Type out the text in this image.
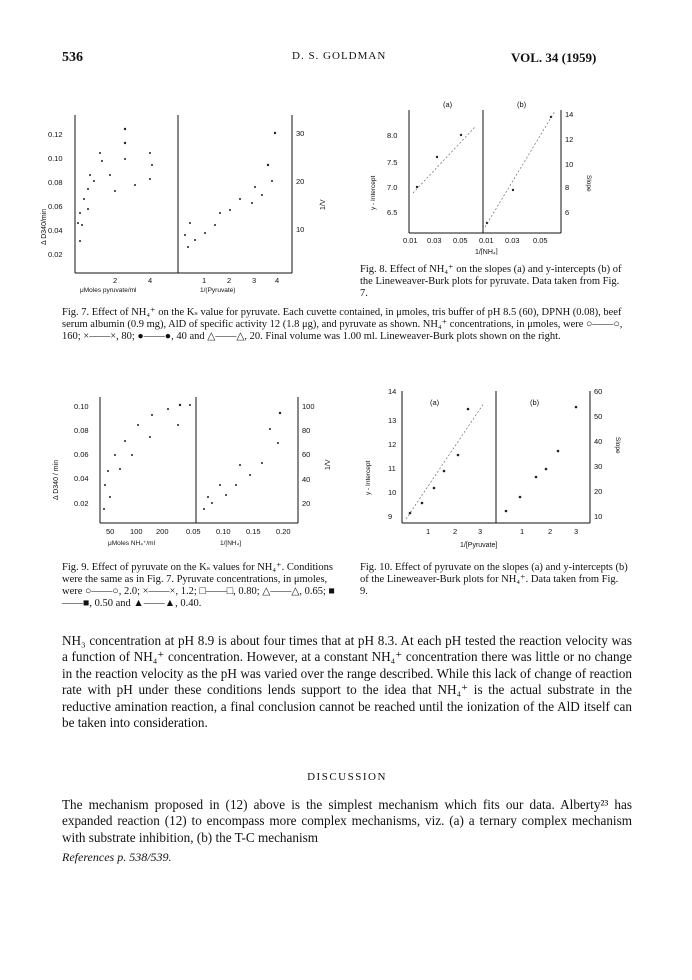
536	D. S. GOLDMAN	VOL. 34 (1959)
0.12
0.10
0.08
0.06
0.04
0.02
2	4	1	2	3	4
30
20
10
μMoles pyruvate/ml	1/(Pyruvate)
Δ D340/min
1/V
(a)	(b)
8.0
7.5
7.0
6.5
14
12
10
8
6
0.01 0.03 0.05 0.01 0.03 0.05
1/[NH₄]
y - Intercept	Slope
Fig. 8. Effect of NH₄⁺ on the slopes (a) and y-intercepts (b) of the Lineweaver-Burk plots for pyruvate. Data taken from Fig. 7.
Fig. 7. Effect of NH₄⁺ on the Kₛ value for pyruvate. Each cuvette contained, in μmoles, tris buffer of pH 8.5 (60), DPNH (0.08), beef serum albumin (0.9 mg), AlD of specific activity 12 (1.8 μg), and pyruvate as shown. NH₄⁺ concentrations, in μmoles, were ○——○, 160; ×——×, 80; ●——●, 40 and △——△, 20. Final volume was 1.00 ml. Lineweaver-Burk plots shown on the right.
0.10
0.08
0.06
0.04
0.02
100
80
60
40
20
50 100 200 0.05 0.10 0.15 0.20
μMoles NH₄⁺/ml	1/[NH₄]
Δ D340 / min	1/V
Fig. 9. Effect of pyruvate on the Kₛ values for NH₄⁺. Conditions were the same as in Fig. 7. Pyruvate concentrations, in μmoles, were ○——○, 2.0; ×——×, 1.2; □——□, 0.80; △——△, 0.65; ■——■, 0.50 and ▲——▲, 0.40.
(a)	(b)
14
13
12
11
10
9
60
50
40
30
20
10
1	2	3	1	2	3
1/[Pyruvate]
y - Intercept
Slope
Fig. 10. Effect of pyruvate on the slopes (a) and y-intercepts (b) of the Lineweaver-Burk plots for NH₄⁺. Data taken from Fig. 9.
NH₃ concentration at pH 8.9 is about four times that at pH 8.3. At each pH tested the reaction velocity was a function of NH₄⁺ concentration. However, at a constant NH₄⁺ concentration there was little or no change in the reaction velocity as the pH was varied over the range described. While this lack of change of reaction rate with pH under these conditions lends support to the idea that NH₄⁺ is the actual substrate in the reductive amination reaction, a final conclusion cannot be reached until the ionization of the AlD itself can be taken into consideration.
DISCUSSION
The mechanism proposed in (12) above is the simplest mechanism which fits our data. Alberty²³ has expanded reaction (12) to encompass more complex mechanisms, viz. (a) a ternary complex mechanism with substrate inhibition, (b) the T-C mechanism
References p. 538/539.
